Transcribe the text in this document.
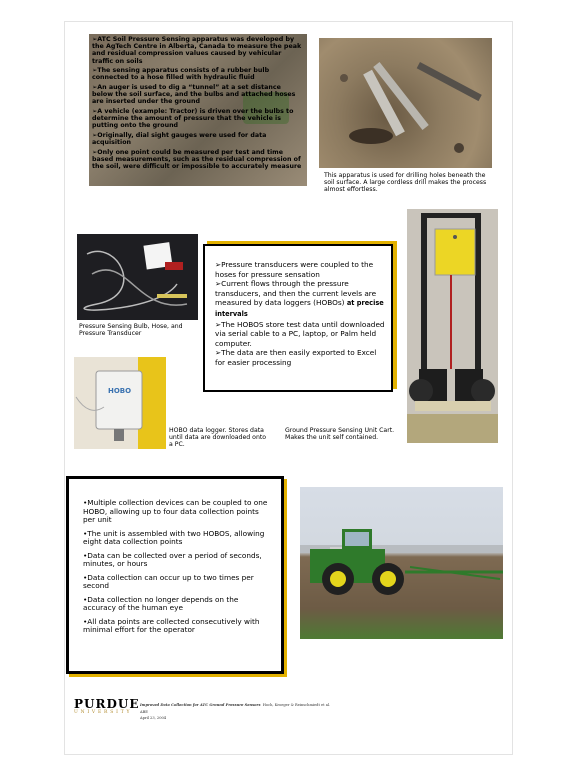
➢ATC Soil Pressure Sensing apparatus was developed by the AgTech Centre in Alberta, Canada to measure the peak and residual compression values caused by vehicular traffic on soils

➢The sensing apparatus consists of a rubber bulb connected to a hose filled with hydraulic fluid

➢An auger is used to dig a “tunnel” at a set distance below the soil surface, and the bulbs and attached hoses are inserted under the ground

➢A vehicle (example: Tractor) is driven over the bulbs to determine the amount of pressure that the vehicle is putting onto the ground

➢Originally, dial sight gauges were used for data acquisition

➢Only one point could be measured per test and time based measurements, such as the residual compression of the soil, were difficult or impossible to accurately measure

This apparatus is used for drilling holes beneath the soil surface. A large cordless drill makes the process almost effortless.
Pressure Sensing Bulb, Hose, and Pressure Transducer

➢Pressure transducers were coupled to the hoses for pressure sensation

➢Current flows through the pressure transducers, and then the current levels are measured by data loggers (HOBOs) at precise intervals

➢The HOBOS store test data until downloaded via serial cable to a PC, laptop, or Palm held computer.

➢The data are then easily exported to Excel for easier processing

HOBO
HOBO data logger. Stores data until data are downloaded onto a PC.
Ground Pressure Sensing Unit Cart. Makes the unit self contained.

•Multiple collection devices can be coupled to one HOBO, allowing up to four data collection points per unit

•The unit is assembled with two HOBOS, allowing eight data collection points

•Data can be collected over a period of seconds, minutes, or hours

•Data collection can occur up to two times per second

•Data collection no longer depends on the accuracy of the human eye

•All data points are collected consecutively with minimal effort for the operator

PURDUE
UNIVERSITY
Improved Data Collection for ATC Ground Pressure Sensors Hoch, Kroeger & Reinschmiedt et al.
ABE
April 23, 2004
